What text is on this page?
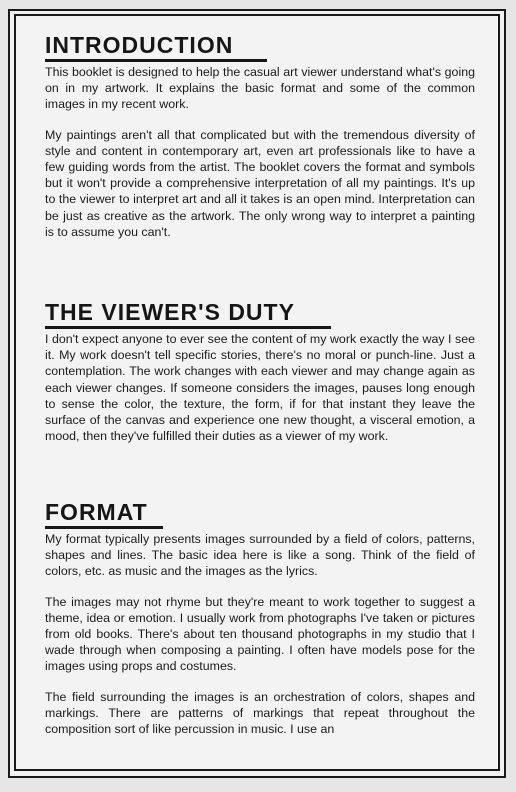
INTRODUCTION

This booklet is designed to help the casual art viewer understand what's going on in my artwork. It explains the basic format and some of the common images in my recent work.

My paintings aren't all that complicated but with the tremendous diversity of style and content in contemporary art, even art professionals like to have a few guiding words from the artist. The booklet covers the format and symbols but it won't provide a comprehensive interpretation of all my paintings. It's up to the viewer to interpret art and all it takes is an open mind. Interpretation can be just as creative as the artwork. The only wrong way to interpret a painting is to assume you can't.

THE VIEWER'S DUTY

I don't expect anyone to ever see the content of my work exactly the way I see it. My work doesn't tell specific stories, there's no moral or punch-line. Just a contemplation. The work changes with each viewer and may change again as each viewer changes. If someone considers the images, pauses long enough to sense the color, the texture, the form, if for that instant they leave the surface of the canvas and experience one new thought, a visceral emotion, a mood, then they've fulfilled their duties as a viewer of my work.

FORMAT

My format typically presents images surrounded by a field of colors, patterns, shapes and lines. The basic idea here is like a song. Think of the field of colors, etc. as music and the images as the lyrics.

The images may not rhyme but they're meant to work together to suggest a theme, idea or emotion. I usually work from photographs I've taken or pictures from old books. There's about ten thousand photographs in my studio that I wade through when composing a painting. I often have models pose for the images using props and costumes.

The field surrounding the images is an orchestration of colors, shapes and markings. There are patterns of markings that repeat throughout the composition sort of like percussion in music. I use an
